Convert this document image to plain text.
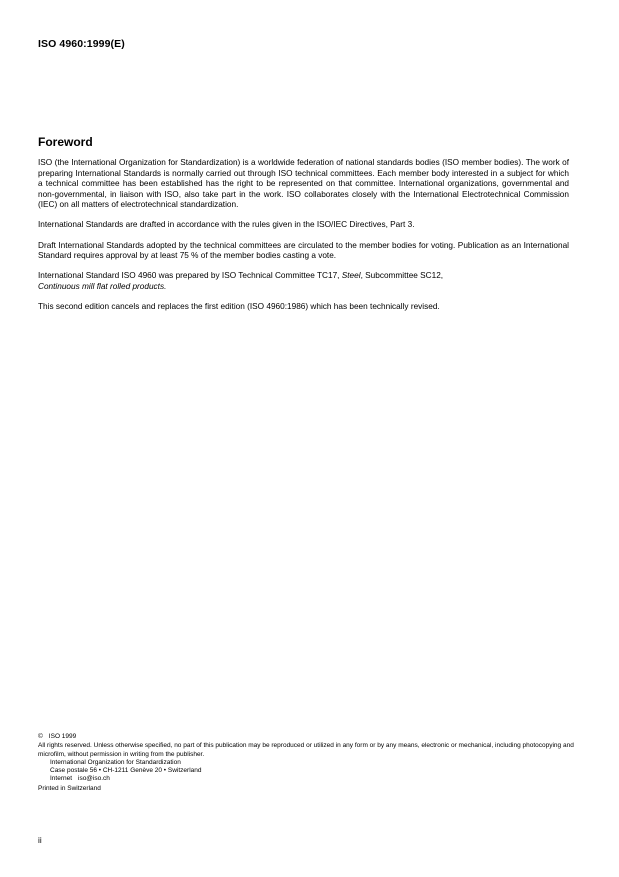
ISO 4960:1999(E)
Foreword

ISO (the International Organization for Standardization) is a worldwide federation of national standards bodies (ISO member bodies). The work of preparing International Standards is normally carried out through ISO technical committees. Each member body interested in a subject for which a technical committee has been established has the right to be represented on that committee. International organizations, governmental and non-governmental, in liaison with ISO, also take part in the work. ISO collaborates closely with the International Electrotechnical Commission (IEC) on all matters of electrotechnical standardization.

International Standards are drafted in accordance with the rules given in the ISO/IEC Directives, Part 3.

Draft International Standards adopted by the technical committees are circulated to the member bodies for voting. Publication as an International Standard requires approval by at least 75 % of the member bodies casting a vote.

International Standard ISO 4960 was prepared by ISO Technical Committee TC17, Steel, Subcommittee SC12,
Continuous mill flat rolled products.

This second edition cancels and replaces the first edition (ISO 4960:1986) which has been technically revised.

© ISO 1999

All rights reserved. Unless otherwise specified, no part of this publication may be reproduced or utilized in any form or by any means, electronic or mechanical, including photocopying and microfilm, without permission in writing from the publisher.

International Organization for Standardization

Case postale 56 • CH-1211 Genève 20 • Switzerland

Internet iso@iso.ch

Printed in Switzerland

ii
